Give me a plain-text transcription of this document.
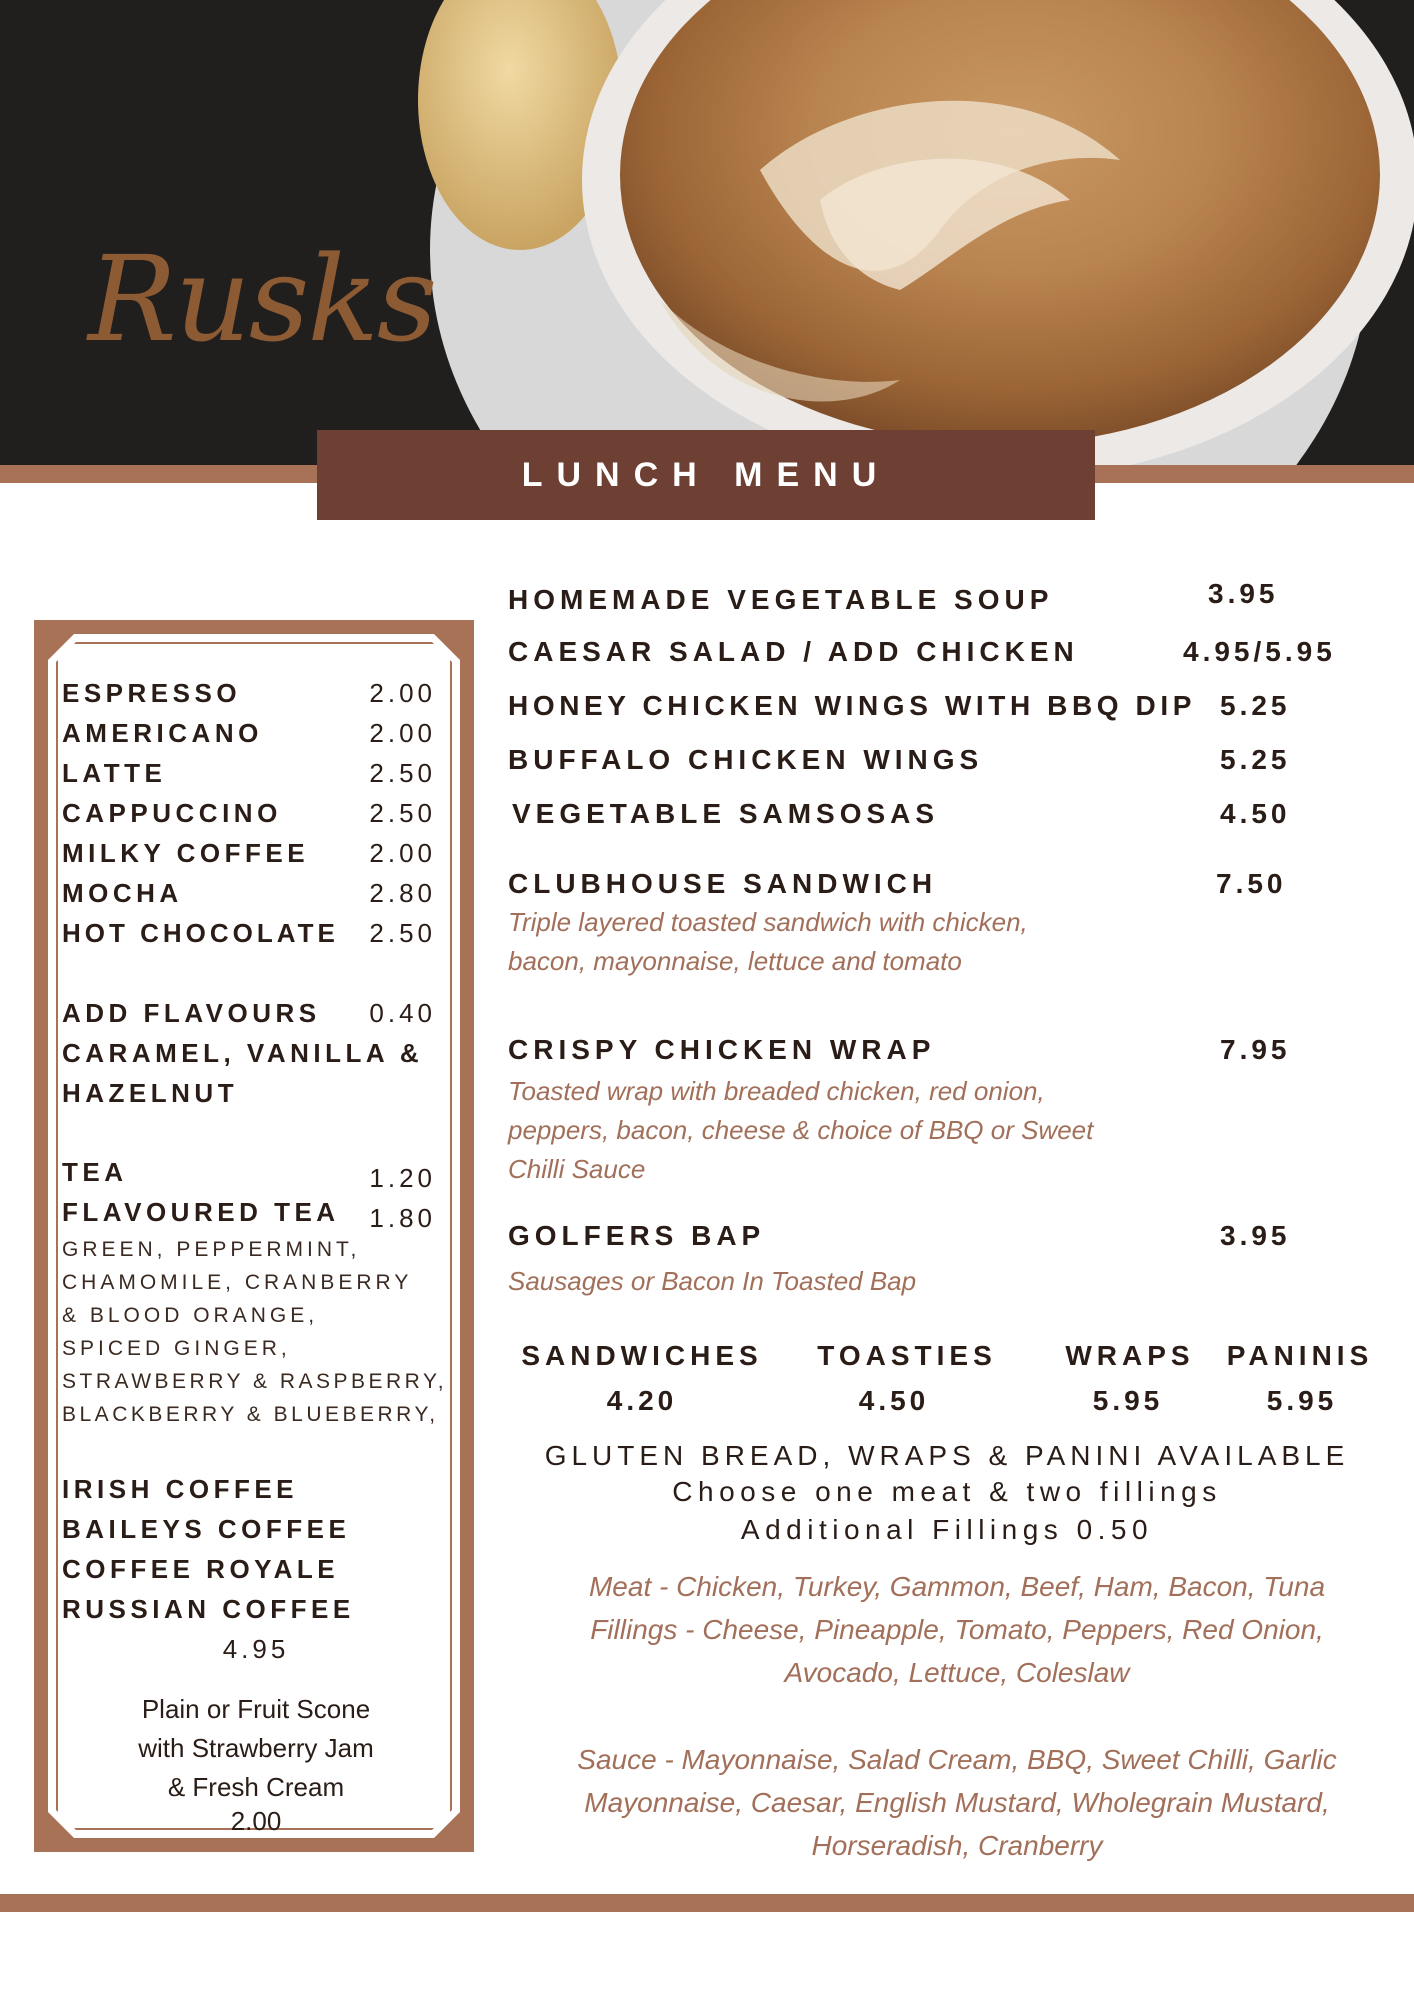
Rusks
LUNCH MENU
ESPRESSO	2.00
AMERICANO	2.00
LATTE	2.50
CAPPUCCINO	2.50
MILKY COFFEE 2.00
MOCHA	2.80
HOT CHOCOLATE 2.50
ADD FLAVOURS 0.40
CARAMEL, VANILLA &
HAZELNUT
TEA	1.20
FLAVOURED TEA 1.80
GREEN, PEPPERMINT,
CHAMOMILE, CRANBERRY
& BLOOD ORANGE,
SPICED GINGER,
STRAWBERRY & RASPBERRY,
BLACKBERRY & BLUEBERRY,
IRISH COFFEE
BAILEYS COFFEE
COFFEE ROYALE
RUSSIAN COFFEE
4.95
Plain or Fruit Scone
with Strawberry Jam
& Fresh Cream
2.00
HOMEMADE VEGETABLE SOUP	3.95
CAESAR SALAD / ADD CHICKEN	4.95/5.95
HONEY CHICKEN WINGS WITH BBQ DIP 5.25
BUFFALO CHICKEN WINGS	5.25
VEGETABLE SAMSOSAS	4.50
CLUBHOUSE SANDWICH	7.50
Triple layered toasted sandwich with chicken,
bacon, mayonnaise, lettuce and tomato
CRISPY CHICKEN WRAP	7.95
Toasted wrap with breaded chicken, red onion,
peppers, bacon, cheese & choice of BBQ or Sweet
Chilli Sauce
GOLFERS BAP	3.95
Sausages or Bacon In Toasted Bap
SANDWICHES
4.20
TOASTIES
4.50
WRAPS
5.95
PANINIS
5.95
GLUTEN BREAD, WRAPS & PANINI AVAILABLE
Choose one meat & two fillings
Additional Fillings 0.50
Meat - Chicken, Turkey, Gammon, Beef, Ham, Bacon, Tuna
Fillings - Cheese, Pineapple, Tomato, Peppers, Red Onion,
Avocado, Lettuce, Coleslaw
Sauce - Mayonnaise, Salad Cream, BBQ, Sweet Chilli, Garlic
Mayonnaise, Caesar, English Mustard, Wholegrain Mustard,
Horseradish, Cranberry
